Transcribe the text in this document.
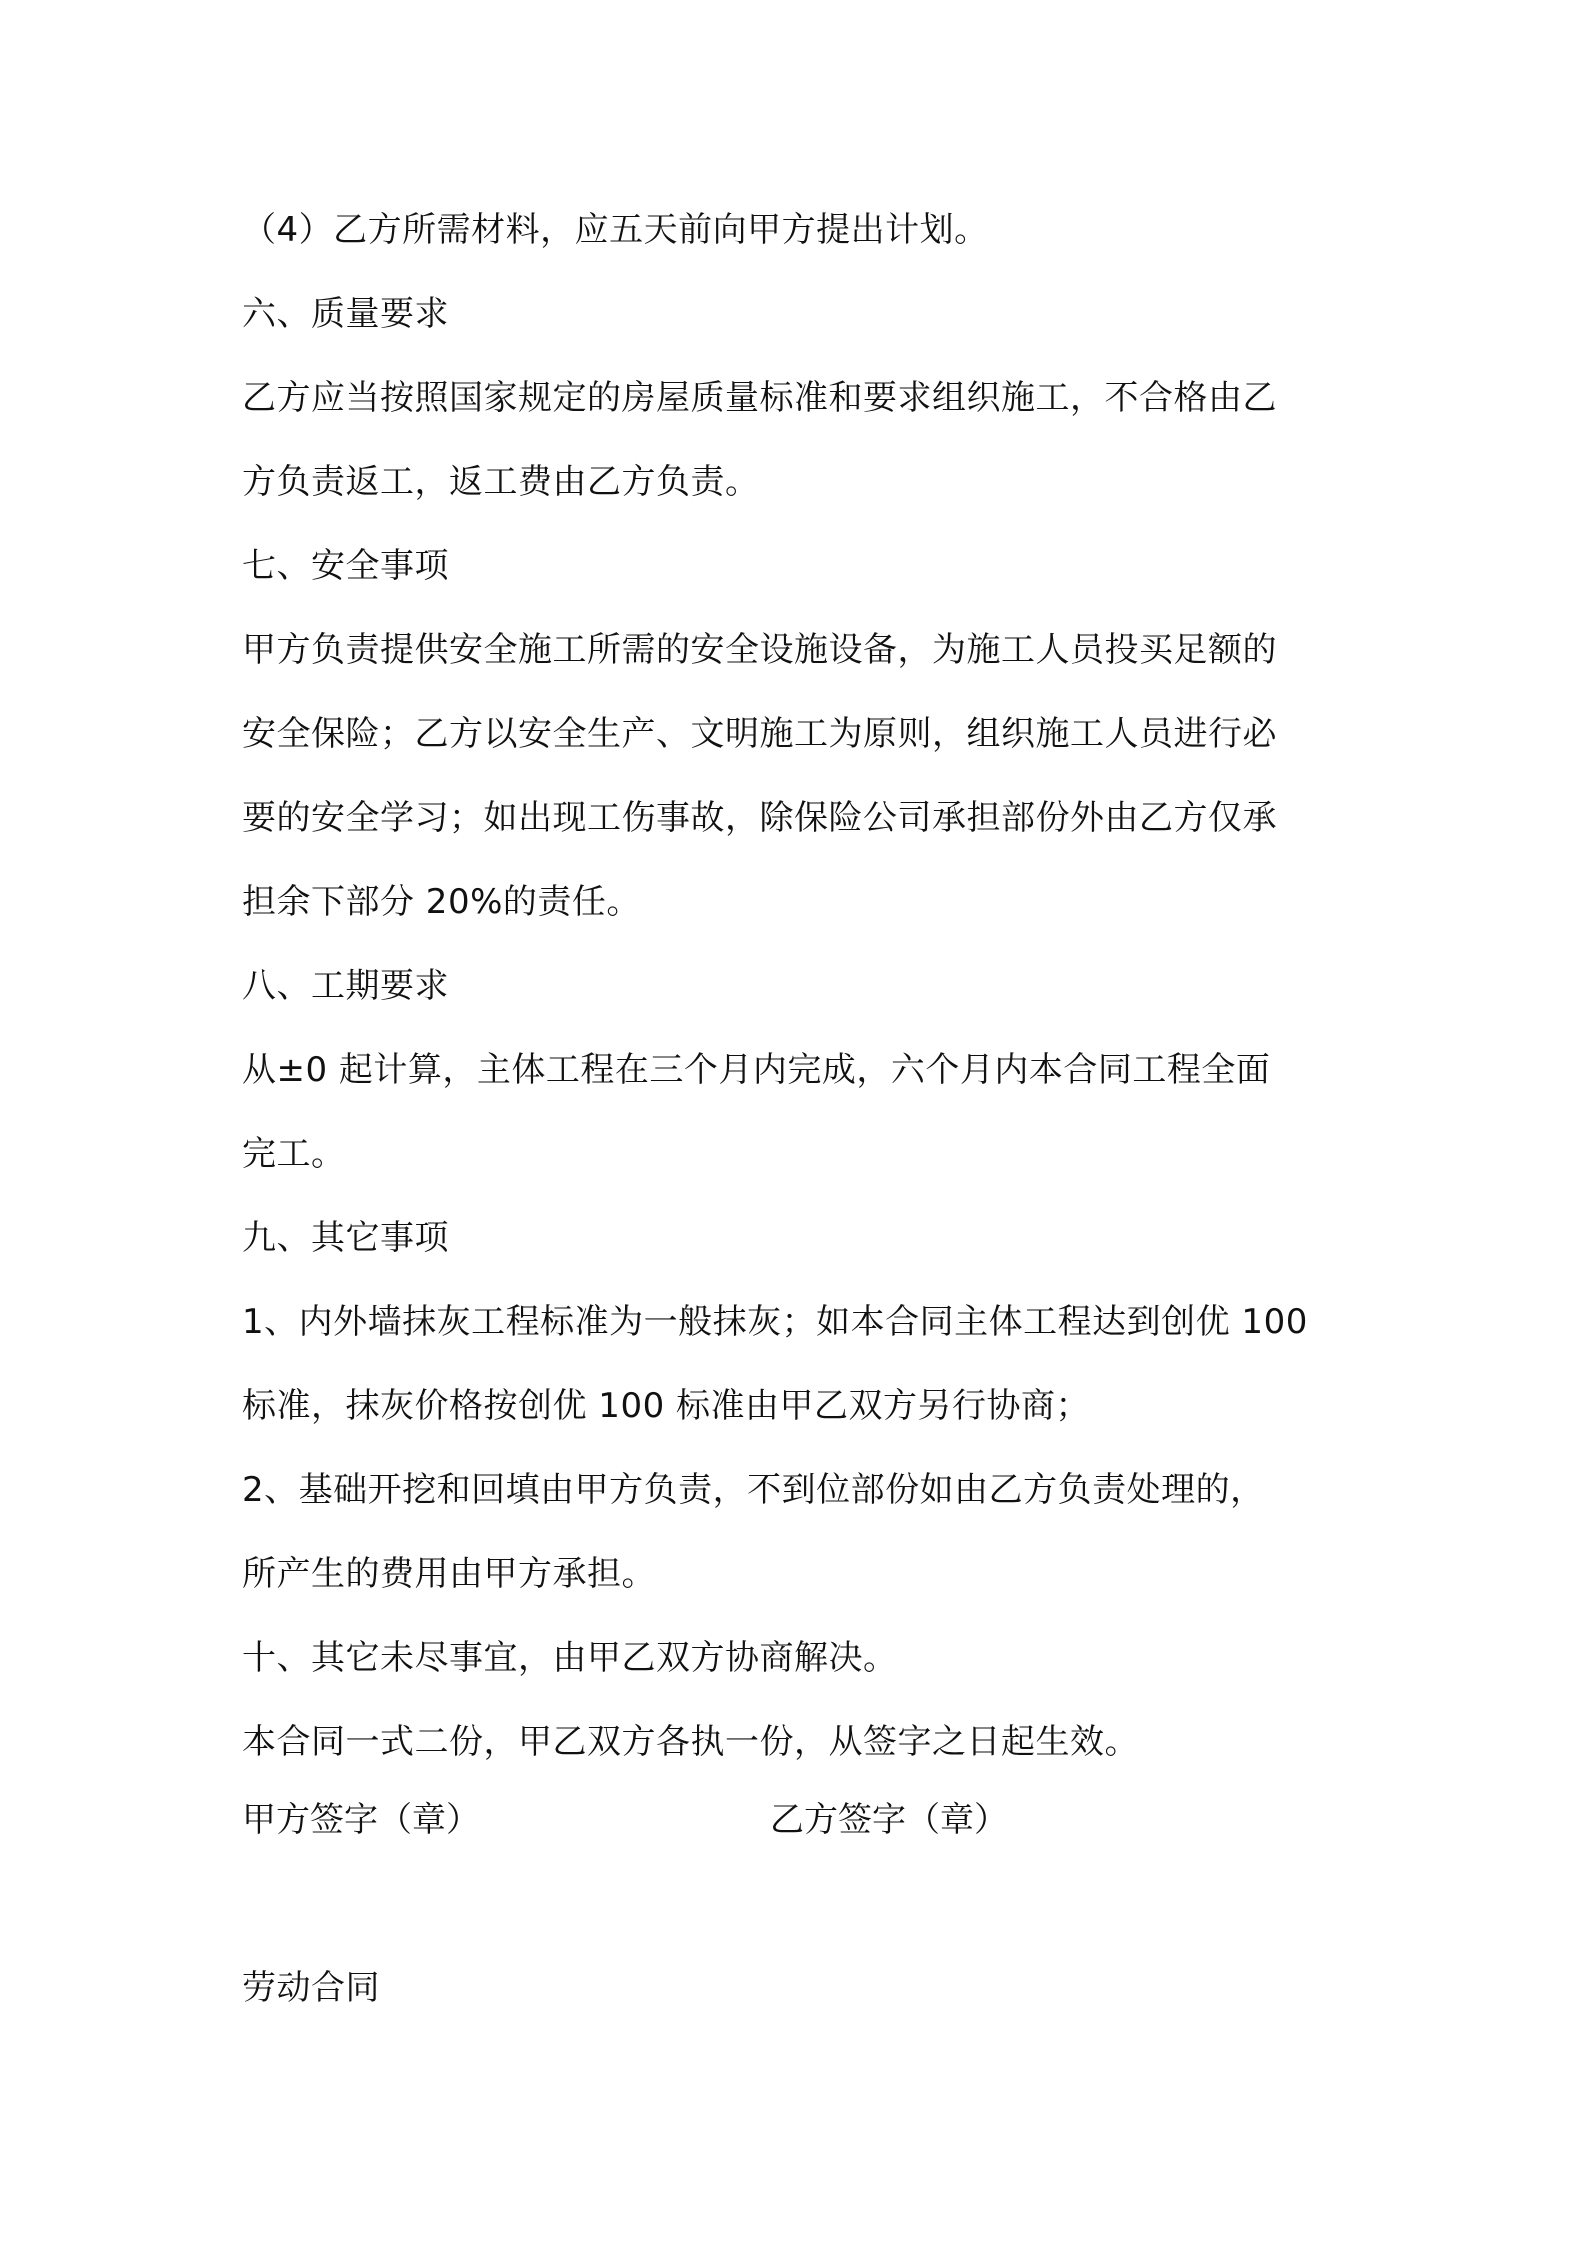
（4）乙方所需材料，应五天前向甲方提出计划。
六、质量要求
乙方应当按照国家规定的房屋质量标准和要求组织施工，不合格由乙
方负责返工，返工费由乙方负责。
七、安全事项
甲方负责提供安全施工所需的安全设施设备，为施工人员投买足额的
安全保险；乙方以安全生产、文明施工为原则，组织施工人员进行必
要的安全学习；如出现工伤事故，除保险公司承担部份外由乙方仅承
担余下部分 20%的责任。
八、工期要求
从±0 起计算，主体工程在三个月内完成，六个月内本合同工程全面
完工。
九、其它事项
1、内外墙抹灰工程标准为一般抹灰；如本合同主体工程达到创优 100
标准，抹灰价格按创优 100 标准由甲乙双方另行协商；
2、基础开挖和回填由甲方负责，不到位部份如由乙方负责处理的，
所产生的费用由甲方承担。
十、其它未尽事宜，由甲乙双方协商解决。
本合同一式二份，甲乙双方各执一份，从签字之日起生效。
甲方签字（章）	乙方签字（章）
劳动合同
